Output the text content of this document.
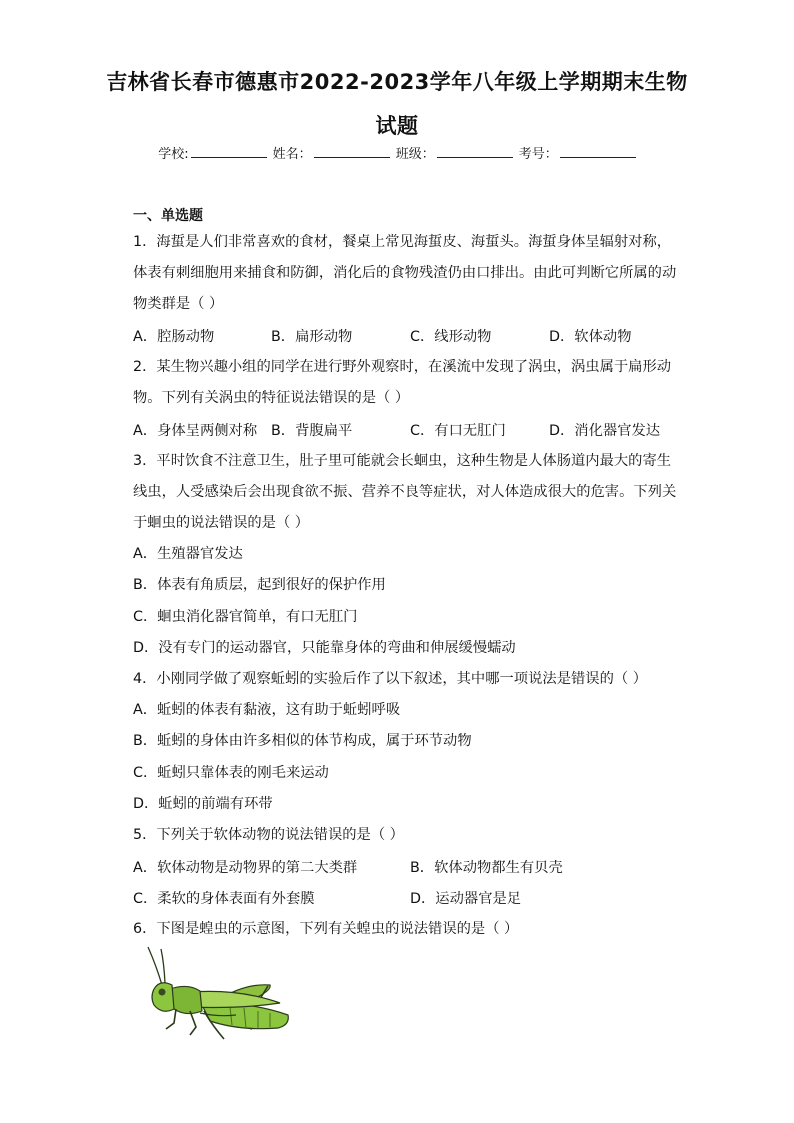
吉林省长春市德惠市2022-2023学年八年级上学期期末生物
试题
学校:	姓名：	班级：	考号：
一、单选题
1．海蜇是人们非常喜欢的食材，餐桌上常见海蜇皮、海蜇头。海蜇身体呈辐射对称，
体表有刺细胞用来捕食和防御，消化后的食物残渣仍由口排出。由此可判断它所属的动
物类群是（ ）
A．腔肠动物	B．扁形动物	C．线形动物	D．软体动物
2．某生物兴趣小组的同学在进行野外观察时，在溪流中发现了涡虫，涡虫属于扁形动
物。下列有关涡虫的特征说法错误的是（ ）
A．身体呈两侧对称 B．背腹扁平	C．有口无肛门	D．消化器官发达
3．平时饮食不注意卫生，肚子里可能就会长蛔虫，这种生物是人体肠道内最大的寄生
线虫，人受感染后会出现食欲不振、营养不良等症状，对人体造成很大的危害。下列关
于蛔虫的说法错误的是（ ）
A．生殖器官发达
B．体表有角质层，起到很好的保护作用
C．蛔虫消化器官简单，有口无肛门
D．没有专门的运动器官，只能靠身体的弯曲和伸展缓慢蠕动
4．小刚同学做了观察蚯蚓的实验后作了以下叙述，其中哪一项说法是错误的（ ）
A．蚯蚓的体表有黏液，这有助于蚯蚓呼吸
B．蚯蚓的身体由许多相似的体节构成，属于环节动物
C．蚯蚓只靠体表的刚毛来运动
D．蚯蚓的前端有环带
5．下列关于软体动物的说法错误的是（ ）
A．软体动物是动物界的第二大类群	B．软体动物都生有贝壳
C．柔软的身体表面有外套膜	D．运动器官是足
6．下图是蝗虫的示意图，下列有关蝗虫的说法错误的是（ ）
